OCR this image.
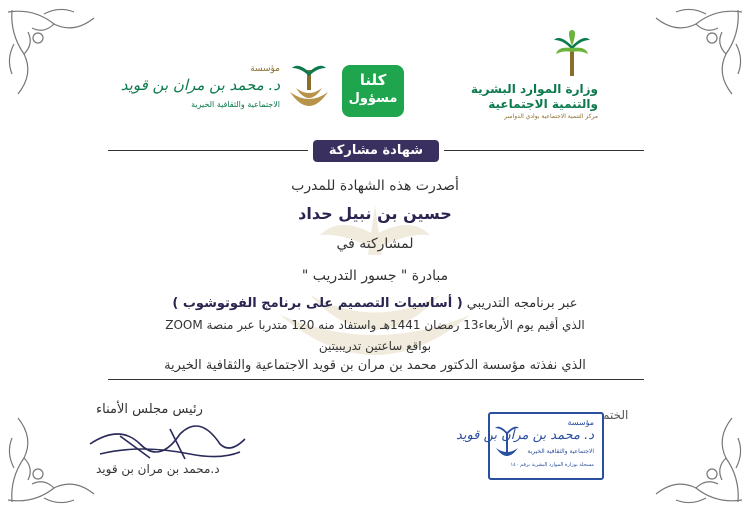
وزارة الموارد البشرية
والتنمية الاجتماعية
مركز التنمية الاجتماعية بوادي الدواسر
كلنا
مسؤول
مؤسسة
د. محمد بن مران بن قويد
الاجتماعية والثقافية الخيرية
شهادة مشاركة
أصدرت هذه الشهادة للمدرب
حسين بن نبيل حداد
لمشاركته في
مبادرة " جسور التدريب "
عبر برنامجه التدريبي ( أساسيات التصميم على برنامج الفوتوشوب )
الذي أقيم يوم الأربعاء13 رمضان 1441هـ واستفاد منه 120 متدربا عبر منصة ZOOM
بواقع ساعتين تدريبيتين
الذي نفذته مؤسسة الدكتور محمد بن مران بن قويد الاجتماعية والثقافية الخيرية
رئيس مجلس الأمناء
د.محمد بن مران بن قويد
الختم
مؤسسة
د. محمد بن مران بن قويد
الاجتماعية والثقافية الخيرية
مسجلة بوزارة الموارد البشرية برقم ١٤٠
